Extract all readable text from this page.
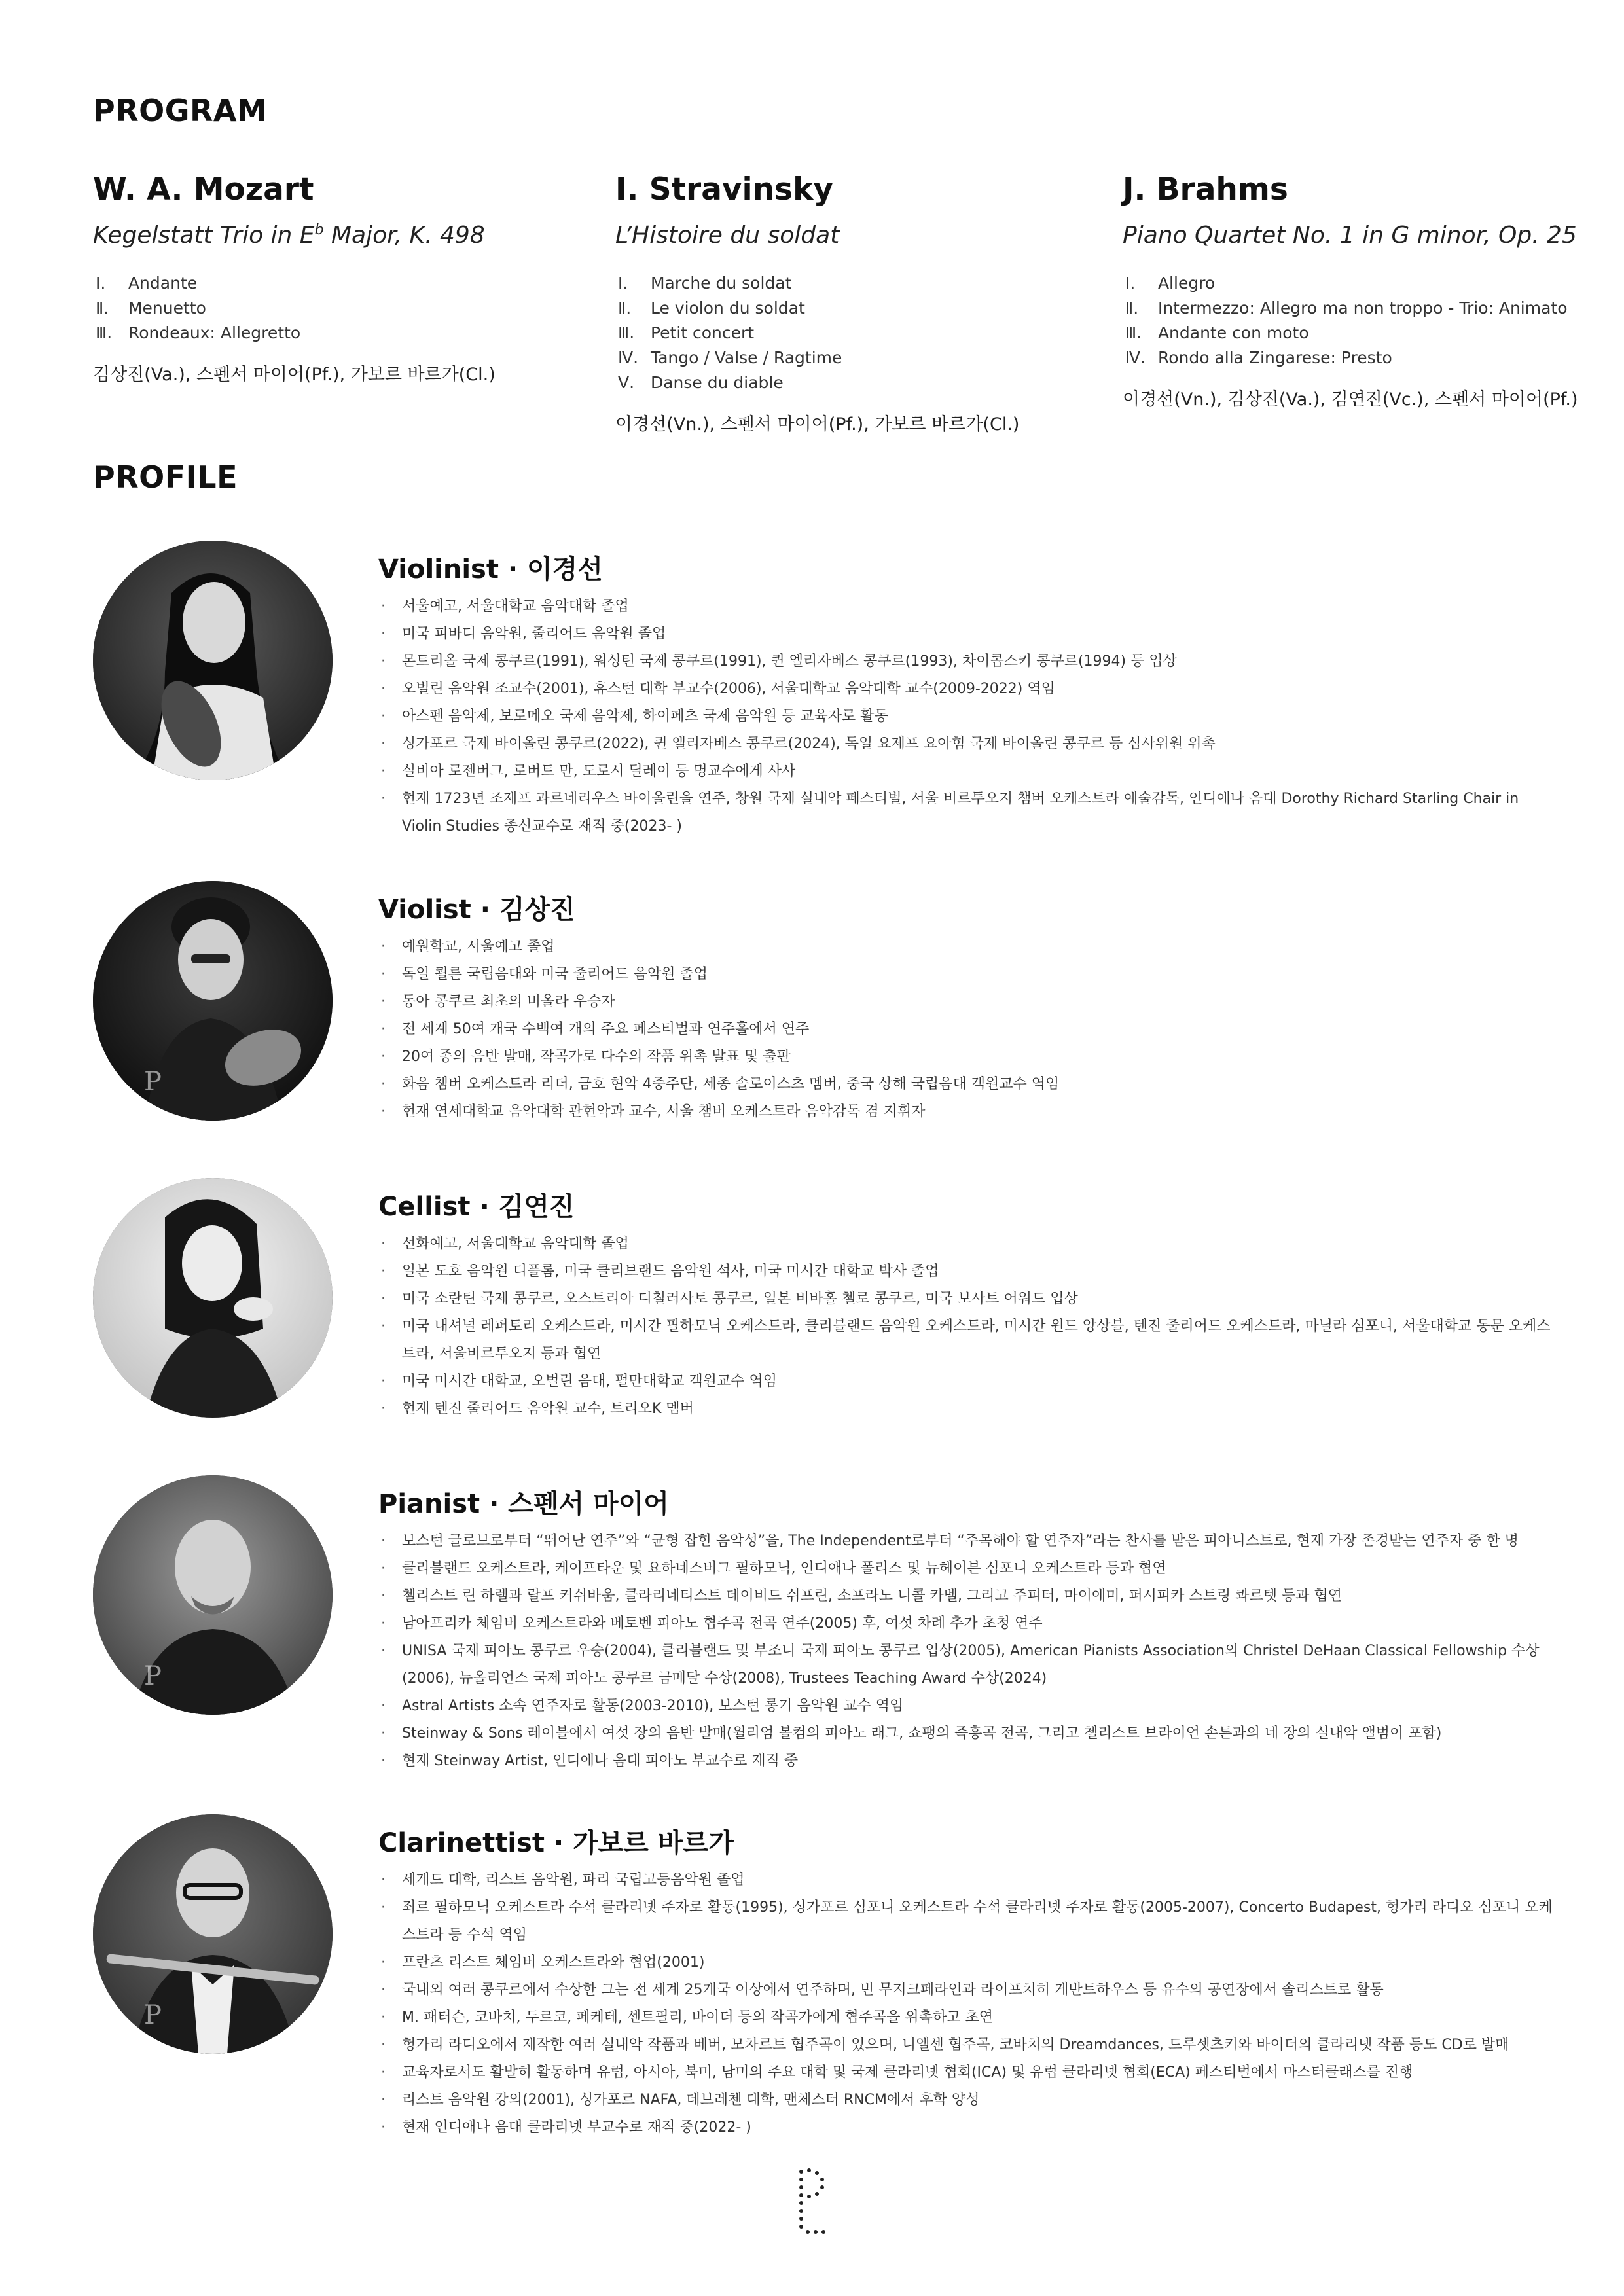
PROGRAM
W. A. Mozart
Kegelstatt Trio in $E^b$ Major, K. 498
Ⅰ. Andante
Ⅱ. Menuetto
Ⅲ. Rondeaux: Allegretto
김상진(Va.), 스펜서 마이어(Pf.), 가보르 바르가(Cl.)
I. Stravinsky
L’Histoire du soldat
Ⅰ. Marche du soldat
Ⅱ. Le violon du soldat
Ⅲ. Petit concert
Ⅳ. Tango / Valse / Ragtime
Ⅴ. Danse du diable
이경선(Vn.), 스펜서 마이어(Pf.), 가보르 바르가(Cl.)
J. Brahms
Piano Quartet No. 1 in G minor, Op. 25
Ⅰ. Allegro
Ⅱ. Intermezzo: Allegro ma non troppo - Trio: Animato
Ⅲ. Andante con moto
Ⅳ. Rondo alla Zingarese: Presto
이경선(Vn.), 김상진(Va.), 김연진(Vc.), 스펜서 마이어(Pf.)
PROFILE
Violinist · 이경선
· 서울예고, 서울대학교 음악대학 졸업
· 미국 피바디 음악원, 줄리어드 음악원 졸업
· 몬트리올 국제 콩쿠르(1991), 워싱턴 국제 콩쿠르(1991), 퀸 엘리자베스 콩쿠르(1993), 차이콥스키 콩쿠르(1994) 등 입상
· 오벌린 음악원 조교수(2001), 휴스턴 대학 부교수(2006), 서울대학교 음악대학 교수(2009-2022) 역임
· 아스펜 음악제, 보로메오 국제 음악제, 하이페츠 국제 음악원 등 교육자로 활동
· 싱가포르 국제 바이올린 콩쿠르(2022), 퀸 엘리자베스 콩쿠르(2024), 독일 요제프 요아힘 국제 바이올린 콩쿠르 등 심사위원 위촉
· 실비아 로젠버그, 로버트 만, 도로시 딜레이 등 명교수에게 사사
· 현재 1723년 조제프 과르네리우스 바이올린을 연주, 창원 국제 실내악 페스티벌, 서울 비르투오지 챔버 오케스트라 예술감독, 인디애나 음대 Dorothy Richard Starling Chair in Violin Studies 종신교수로 재직 중(2023- )
P
Violist · 김상진
· 예원학교, 서울예고 졸업
· 독일 쾰른 국립음대와 미국 줄리어드 음악원 졸업
· 동아 콩쿠르 최초의 비올라 우승자
· 전 세계 50여 개국 수백여 개의 주요 페스티벌과 연주홀에서 연주
· 20여 종의 음반 발매, 작곡가로 다수의 작품 위촉 발표 및 출판
· 화음 챔버 오케스트라 리더, 금호 현악 4중주단, 세종 솔로이스츠 멤버, 중국 상해 국립음대 객원교수 역임
· 현재 연세대학교 음악대학 관현악과 교수, 서울 챔버 오케스트라 음악감독 겸 지휘자
Cellist · 김연진
· 선화예고, 서울대학교 음악대학 졸업
· 일본 도호 음악원 디플롬, 미국 클리브랜드 음악원 석사, 미국 미시간 대학교 박사 졸업
· 미국 소란틴 국제 콩쿠르, 오스트리아 디칠러사토 콩쿠르, 일본 비바홀 첼로 콩쿠르, 미국 보사트 어워드 입상
· 미국 내셔널 레퍼토리 오케스트라, 미시간 필하모닉 오케스트라, 클리블랜드 음악원 오케스트라, 미시간 윈드 앙상블, 텐진 줄리어드 오케스트라, 마닐라 심포니, 서울대학교 동문 오케스트라, 서울비르투오지 등과 협연
· 미국 미시간 대학교, 오벌린 음대, 펄만대학교 객원교수 역임
· 현재 텐진 줄리어드 음악원 교수, 트리오K 멤버
P
Pianist · 스펜서 마이어
· 보스턴 글로브로부터 “뛰어난 연주”와 “균형 잡힌 음악성”을, The Independent로부터 “주목해야 할 연주자”라는 찬사를 받은 피아니스트로, 현재 가장 존경받는 연주자 중 한 명
· 클리블랜드 오케스트라, 케이프타운 및 요하네스버그 필하모닉, 인디애나 폴리스 및 뉴헤이븐 심포니 오케스트라 등과 협연
· 첼리스트 린 하렐과 랄프 커쉬바움, 클라리네티스트 데이비드 쉬프린, 소프라노 니콜 카벨, 그리고 주피터, 마이애미, 퍼시피카 스트링 콰르텟 등과 협연
· 남아프리카 체임버 오케스트라와 베토벤 피아노 협주곡 전곡 연주(2005) 후, 여섯 차례 추가 초청 연주
· UNISA 국제 피아노 콩쿠르 우승(2004), 클리블랜드 및 부조니 국제 피아노 콩쿠르 입상(2005), American Pianists Association의 Christel DeHaan Classical Fellowship 수상(2006), 뉴올리언스 국제 피아노 콩쿠르 금메달 수상(2008), Trustees Teaching Award 수상(2024)
· Astral Artists 소속 연주자로 활동(2003-2010), 보스턴 롱기 음악원 교수 역임
· Steinway & Sons 레이블에서 여섯 장의 음반 발매(윌리엄 볼컴의 피아노 래그, 쇼팽의 즉흥곡 전곡, 그리고 첼리스트 브라이언 손튼과의 네 장의 실내악 앨범이 포함)
· 현재 Steinway Artist, 인디애나 음대 피아노 부교수로 재직 중
P
Clarinettist · 가보르 바르가
· 세게드 대학, 리스트 음악원, 파리 국립고등음악원 졸업
· 죄르 필하모닉 오케스트라 수석 클라리넷 주자로 활동(1995), 싱가포르 심포니 오케스트라 수석 클라리넷 주자로 활동(2005-2007), Concerto Budapest, 헝가리 라디오 심포니 오케스트라 등 수석 역임
· 프란츠 리스트 체임버 오케스트라와 협업(2001)
· 국내외 여러 콩쿠르에서 수상한 그는 전 세계 25개국 이상에서 연주하며, 빈 무지크페라인과 라이프치히 게반트하우스 등 유수의 공연장에서 솔리스트로 활동
· M. 패터슨, 코바치, 두르코, 페케테, 센트필리, 바이더 등의 작곡가에게 협주곡을 위촉하고 초연
· 헝가리 라디오에서 제작한 여러 실내악 작품과 베버, 모차르트 협주곡이 있으며, 니엘센 협주곡, 코바치의 Dreamdances, 드루셋츠키와 바이더의 클라리넷 작품 등도 CD로 발매
· 교육자로서도 활발히 활동하며 유럽, 아시아, 북미, 남미의 주요 대학 및 국제 클라리넷 협회(ICA) 및 유럽 클라리넷 협회(ECA) 페스티벌에서 마스터클래스를 진행
· 리스트 음악원 강의(2001), 싱가포르 NAFA, 데브레첸 대학, 맨체스터 RNCM에서 후학 양성
· 현재 인디애나 음대 클라리넷 부교수로 재직 중(2022- )
